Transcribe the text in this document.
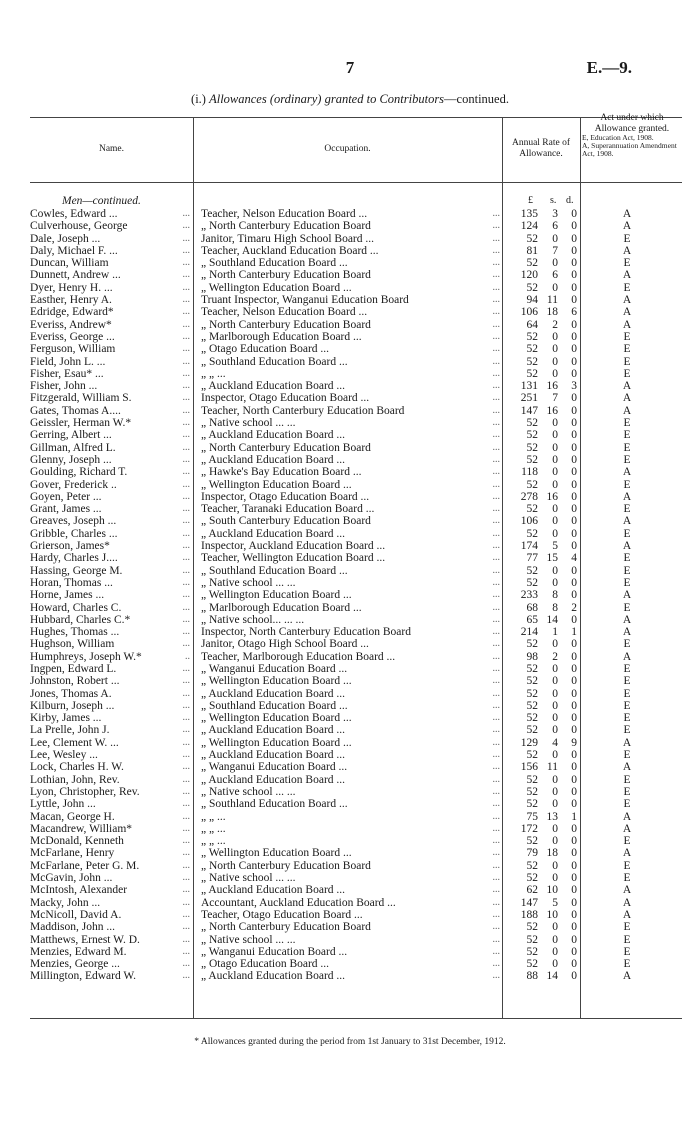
7	E.—9.
(i.) Allowances (ordinary) granted to Contributors—continued.
Name.	Occupation.
Annual Rate of
Allowance.
Act under which
Allowance granted.
E, Education Act, 1908.
A, Superannuation Amendment Act, 1908.
£ s. d.
Men—continued.
Cowles, Edward ...	... Teacher, Nelson Education Board ...	...	135	3	0	A
Culverhouse, George	... „ North Canterbury Education Board	...	124	6	0	A
Dale, Joseph ...	... Janitor, Timaru High School Board ...	...	52	0	0	E
Daly, Michael F. ...	... Teacher, Auckland Education Board ...	...	81	7	0	A
Duncan, William	... „ Southland Education Board ...	...	52	0	0	E
Dunnett, Andrew ...	... „ North Canterbury Education Board	...	120	6	0	A
Dyer, Henry H. ...	... „ Wellington Education Board ...	...	52	0	0	E
Easther, Henry A.	... Truant Inspector, Wanganui Education Board	...	94 11	0	A
Edridge, Edward*	... Teacher, Nelson Education Board ...	...	106 18	6	A
Everiss, Andrew*	... „ North Canterbury Education Board	...	64	2	0	A
Everiss, George ...	... „ Marlborough Education Board ...	...	52	0	0	E
Ferguson, William	... „ Otago Education Board ...	...	52	0	0	E
Field, John L. ...	... „ Southland Education Board ...	...	52	0	0	E
Fisher, Esau* ...	... „ „ ...	...	52	0	0	E
Fisher, John ...	... „ Auckland Education Board ...	...	131 16	3	A
Fitzgerald, William S.	... Inspector, Otago Education Board ...	...	251	7	0	A
Gates, Thomas A....	... Teacher, North Canterbury Education Board	...	147 16	0	A
Geissler, Herman W.*	... „ Native school ... ...	...	52	0	0	E
Gerring, Albert ...	... „ Auckland Education Board ...	...	52	0	0	E
Gillman, Alfred L.	... „ North Canterbury Education Board	...	52	0	0	E
Glenny, Joseph ...	... „ Auckland Education Board ...	...	52	0	0	E
Goulding, Richard T.	... „ Hawke's Bay Education Board ...	...	118	0	0	A
Gover, Frederick ..	... „ Wellington Education Board ...	...	52	0	0	E
Goyen, Peter ...	... Inspector, Otago Education Board ...	...	278 16	0	A
Grant, James ...	... Teacher, Taranaki Education Board ...	...	52	0	0	E
Greaves, Joseph ...	... „ South Canterbury Education Board	...	106	0	0	A
Gribble, Charles ...	... „ Auckland Education Board ...	...	52	0	0	E
Grierson, James*	... Inspector, Auckland Education Board ...	...	174	5	0	A
Hardy, Charles J....	... Teacher, Wellington Education Board ...	...	77 15	4	E
Hassing, George M.	... „ Southland Education Board ...	...	52	0	0	E
Horan, Thomas ...	... „ Native school ... ...	...	52	0	0	E
Horne, James ...	... „ Wellington Education Board ...	...	233	8	0	A
Howard, Charles C.	... „ Marlborough Education Board ...	...	68	8	2	E
Hubbard, Charles C.*	... „ Native school... ... ...	...	65 14	0	A
Hughes, Thomas ...	... Inspector, North Canterbury Education Board	...	214	1	1	A
Hughson, William	... Janitor, Otago High School Board ...	...	52	0	0	E
Humphreys, Joseph W.*	.. Teacher, Marlborough Education Board ...	...	98	2	0	A
Ingpen, Edward L.	... „ Wanganui Education Board ...	...	52	0	0	E
Johnston, Robert ...	... „ Wellington Education Board ...	...	52	0	0	E
Jones, Thomas A.	... „ Auckland Education Board ...	...	52	0	0	E
Kilburn, Joseph ...	... „ Southland Education Board ...	...	52	0	0	E
Kirby, James ...	... „ Wellington Education Board ...	...	52	0	0	E
La Prelle, John J.	... „ Auckland Education Board ...	...	52	0	0	E
Lee, Clement W. ...	... „ Wellington Education Board ...	...	129	4	9	A
Lee, Wesley ...	... „ Auckland Education Board ...	...	52	0	0	E
Lock, Charles H. W.	... „ Wanganui Education Board ...	...	156 11	0	A
Lothian, John, Rev.	... „ Auckland Education Board ...	...	52	0	0	E
Lyon, Christopher, Rev.	... „ Native school ... ...	...	52	0	0	E
Lyttle, John ...	... „ Southland Education Board ...	...	52	0	0	E
Macan, George H.	... „ „ ...	...	75 13	1	A
Macandrew, William*	... „ „ ...	...	172	0	0	A
McDonald, Kenneth	... „ „ ...	...	52	0	0	E
McFarlane, Henry	... „ Wellington Education Board ...	...	79 18	0	A
McFarlane, Peter G. M.	... „ North Canterbury Education Board	...	52	0	0	E
McGavin, John ...	... „ Native school ... ...	...	52	0	0	E
McIntosh, Alexander	... „ Auckland Education Board ...	...	62 10	0	A
Macky, John ...	... Accountant, Auckland Education Board ...	...	147	5	0	A
McNicoll, David A.	... Teacher, Otago Education Board ...	...	188 10	0	A
Maddison, John ...	... „ North Canterbury Education Board	...	52	0	0	E
Matthews, Ernest W. D.	... „ Native school ... ...	...	52	0	0	E
Menzies, Edward M.	... „ Wanganui Education Board ...	...	52	0	0	E
Menzies, George ...	... „ Otago Education Board ...	...	52	0	0	E
Millington, Edward W.	... „ Auckland Education Board ...	...	88 14	0	A
* Allowances granted during the period from 1st January to 31st December, 1912.
